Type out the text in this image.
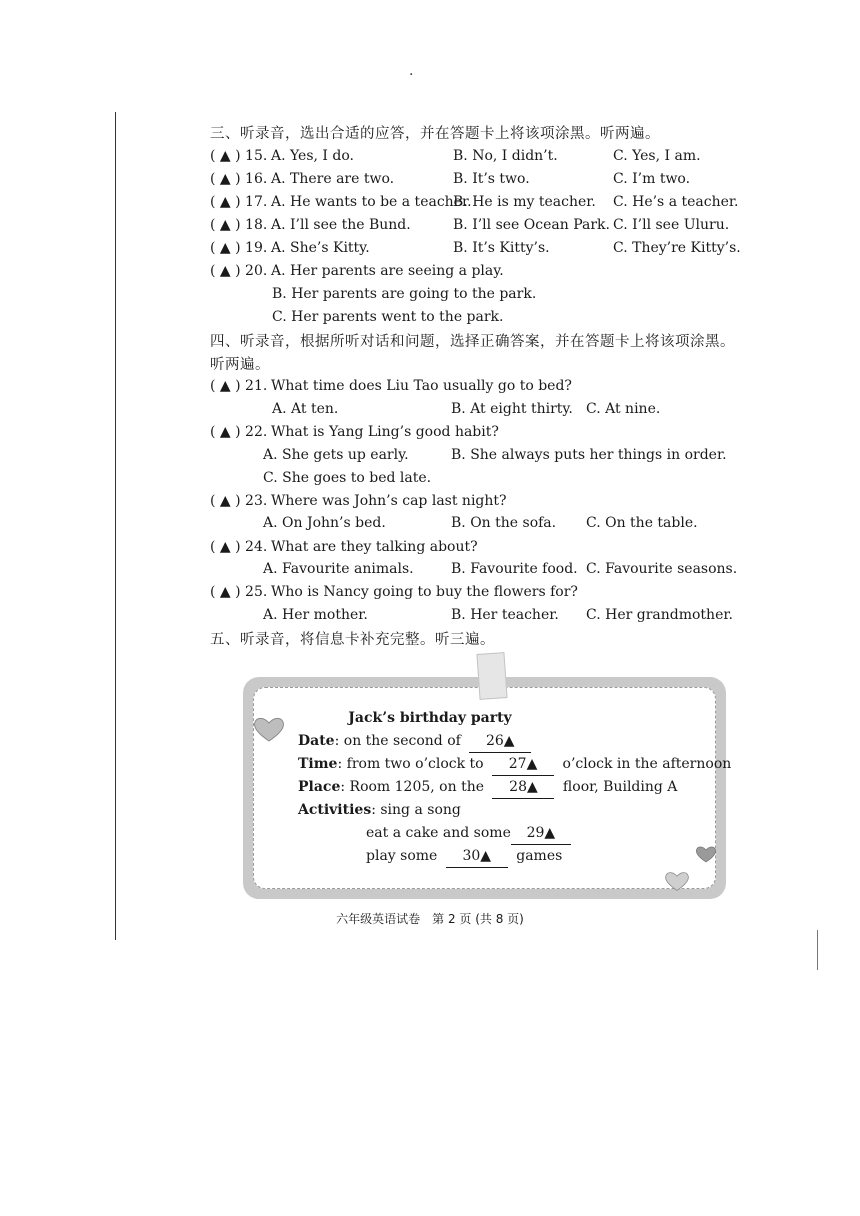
·
三、听录音，选出合适的应答，并在答题卡上将该项涂黑。听两遍。
( ▲ ) 15. A. Yes, I do.	B. No, I didn’t.	C. Yes, I am.
( ▲ ) 16. A. There are two.	B. It’s two.	C. I’m two.
( ▲ ) 17. A. He wants to be a teacher.
B. He is my teacher. C. He’s a teacher.
( ▲ ) 18. A. I’ll see the Bund.	B. I’ll see Ocean Park. C. I’ll see Uluru.
( ▲ ) 19. A. She’s Kitty.	B. It’s Kitty’s.	C. They’re Kitty’s.
( ▲ ) 20. A. Her parents are seeing a play.
B. Her parents are going to the park.
C. Her parents went to the park.
四、听录音，根据所听对话和问题，选择正确答案，并在答题卡上将该项涂黑。
听两遍。
( ▲ ) 21. What time does Liu Tao usually go to bed?
A. At ten.	B. At eight thirty. C. At nine.
( ▲ ) 22. What is Yang Ling’s good habit?
A. She gets up early.	B. She always puts her things in order.
C. She goes to bed late.
( ▲ ) 23. Where was John’s cap last night?
A. On John’s bed.	B. On the sofa. C. On the table.
( ▲ ) 24. What are they talking about?
A. Favourite animals.	B. Favourite food. C. Favourite seasons.
( ▲ ) 25. Who is Nancy going to buy the flowers for?
A. Her mother.	B. Her teacher. C. Her grandmother.
五、听录音，将信息卡补充完整。听三遍。
Jack’s birthday party
Date: on the second of 26▲
Time: from two o’clock to 27▲ o’clock in the afternoon
Place: Room 1205, on the 28▲ floor, Building A
Activities: sing a song
eat a cake and some 29▲
play some 30▲ games
六年级英语试卷　第 2 页 (共 8 页)
